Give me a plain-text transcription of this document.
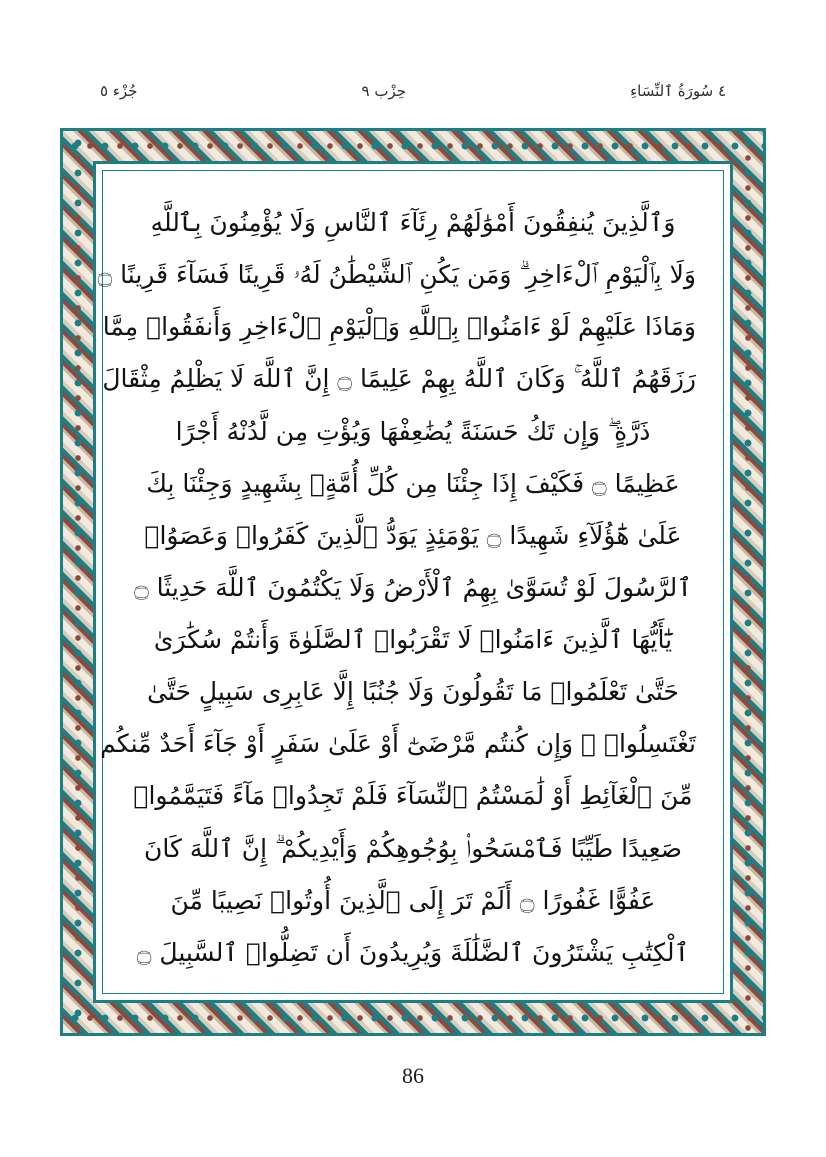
٤ سُورَةُ ٱلنِّسَاءِ
حِزْب ٩
جُزْء ٥
وَٱلَّذِينَ يُنفِقُونَ أَمْوَٰلَهُمْ رِئَآءَ ٱلنَّاسِ وَلَا يُؤْمِنُونَ بِٱللَّهِ
وَلَا بِٱلْيَوْمِ ٱلْءَاخِرِ ۗ وَمَن يَكُنِ ٱلشَّيْطَٰنُ لَهُۥ قَرِينًا فَسَآءَ قَرِينًا ۝
وَمَاذَا عَلَيْهِمْ لَوْ ءَامَنُوا۟ بِٱللَّهِ وَٱلْيَوْمِ ٱلْءَاخِرِ وَأَنفَقُوا۟ مِمَّا
رَزَقَهُمُ ٱللَّهُ ۚ وَكَانَ ٱللَّهُ بِهِمْ عَلِيمًا ۝ إِنَّ ٱللَّهَ لَا يَظْلِمُ مِثْقَالَ
ذَرَّةٍ ۖ وَإِن تَكُ حَسَنَةً يُضَٰعِفْهَا وَيُؤْتِ مِن لَّدُنْهُ أَجْرًا
عَظِيمًا ۝ فَكَيْفَ إِذَا جِئْنَا مِن كُلِّ أُمَّةٍۭ بِشَهِيدٍ وَجِئْنَا بِكَ
عَلَىٰ هَٰٓؤُلَآءِ شَهِيدًا ۝ يَوْمَئِذٍ يَوَدُّ ٱلَّذِينَ كَفَرُوا۟ وَعَصَوُا۟
ٱلرَّسُولَ لَوْ تُسَوَّىٰ بِهِمُ ٱلْأَرْضُ وَلَا يَكْتُمُونَ ٱللَّهَ حَدِيثًا ۝
يَٰٓأَيُّهَا ٱلَّذِينَ ءَامَنُوا۟ لَا تَقْرَبُوا۟ ٱلصَّلَوٰةَ وَأَنتُمْ سُكَٰرَىٰ
حَتَّىٰ تَعْلَمُوا۟ مَا تَقُولُونَ وَلَا جُنُبًا إِلَّا عَابِرِى سَبِيلٍ حَتَّىٰ
تَغْتَسِلُوا۟ ۚ وَإِن كُنتُم مَّرْضَىٰٓ أَوْ عَلَىٰ سَفَرٍ أَوْ جَآءَ أَحَدٌ مِّنكُم
مِّنَ ٱلْغَآئِطِ أَوْ لَٰمَسْتُمُ ٱلنِّسَآءَ فَلَمْ تَجِدُوا۟ مَآءً فَتَيَمَّمُوا۟
صَعِيدًا طَيِّبًا فَٱمْسَحُوا۟ بِوُجُوهِكُمْ وَأَيْدِيكُمْ ۗ إِنَّ ٱللَّهَ كَانَ
عَفُوًّا غَفُورًا ۝ أَلَمْ تَرَ إِلَى ٱلَّذِينَ أُوتُوا۟ نَصِيبًا مِّنَ
ٱلْكِتَٰبِ يَشْتَرُونَ ٱلضَّلَٰلَةَ وَيُرِيدُونَ أَن تَضِلُّوا۟ ٱلسَّبِيلَ ۝
86
